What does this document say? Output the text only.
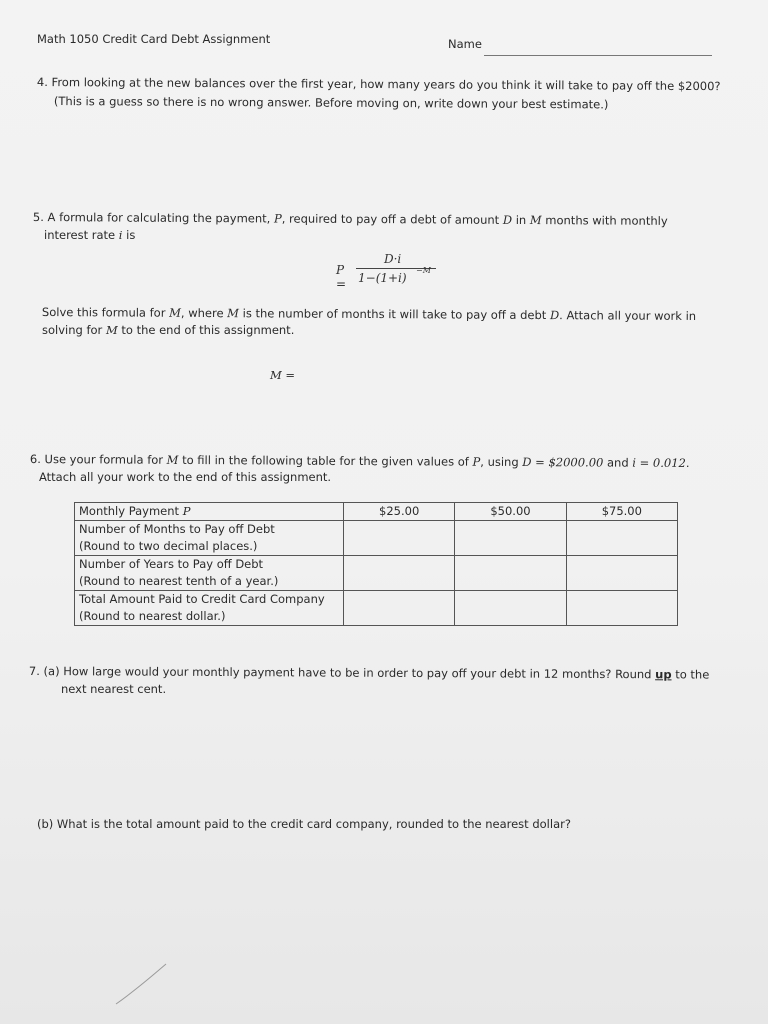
Math 1050 Credit Card Debt Assignment	Name
4. From looking at the new balances over the first year, how many years do you think it will take to pay off the $2000?
(This is a guess so there is no wrong answer. Before moving on, write down your best estimate.)
5. A formula for calculating the payment, P, required to pay off a debt of amount D in M months with monthly
interest rate i is
P =
D·i
1−(1+i)
−M
Solve this formula for M, where M is the number of months it will take to pay off a debt D. Attach all your work in
solving for M to the end of this assignment.
M =
6. Use your formula for M to fill in the following table for the given values of P, using D = $2000.00 and i = 0.012.
Attach all your work to the end of this assignment.
Monthly Payment P	$25.00	$50.00	$75.00

Number of Months to Pay off Debt
(Round to two decimal places.)			

Number of Years to Pay off Debt
(Round to nearest tenth of a year.)			

Total Amount Paid to Credit Card Company
(Round to nearest dollar.)			

7. (a) How large would your monthly payment have to be in order to pay off your debt in 12 months? Round up to the
next nearest cent.
(b) What is the total amount paid to the credit card company, rounded to the nearest dollar?
